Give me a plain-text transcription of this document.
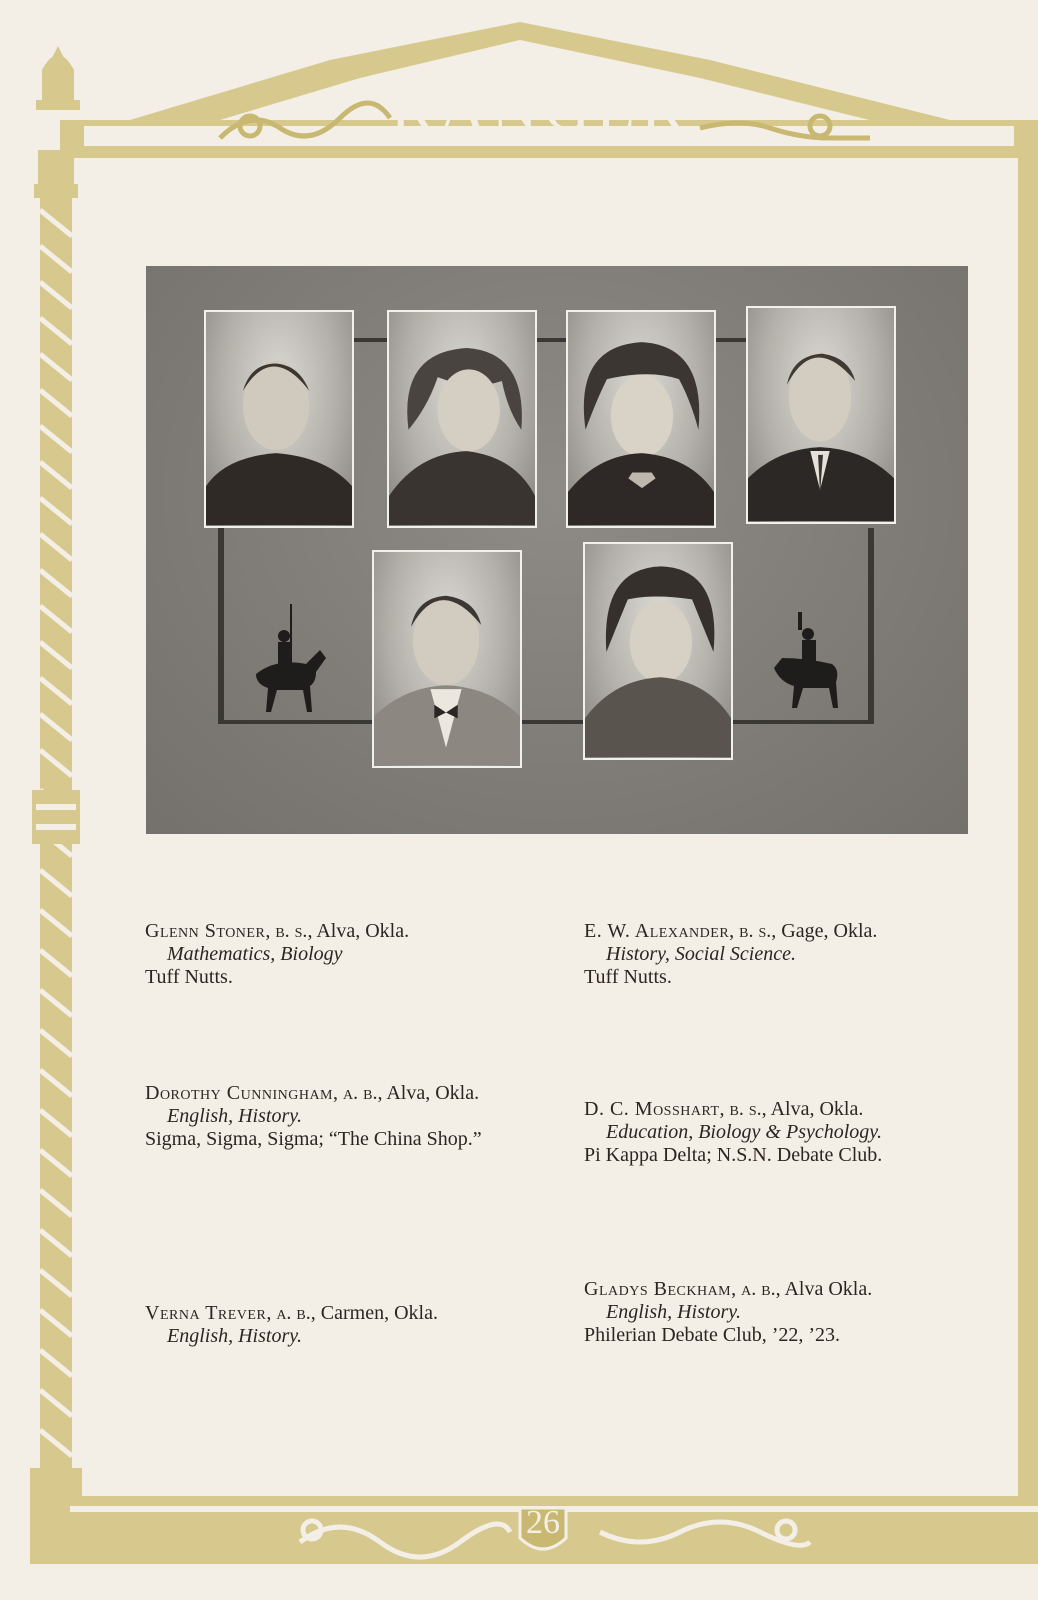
The
RANGER
Glenn Stoner, b. s., Alva, Okla.
Mathematics, Biology
Tuff Nutts.
E. W. Alexander, b. s., Gage, Okla.
History, Social Science.
Tuff Nutts.
Dorothy Cunningham, a. b., Alva, Okla.
English, History.
Sigma, Sigma, Sigma; “The China Shop.”
D. C. Mosshart, b. s., Alva, Okla.
Education, Biology & Psychology.
Pi Kappa Delta; N.S.N. Debate Club.
Verna Trever, a. b., Carmen, Okla.
English, History.
Gladys Beckham, a. b., Alva Okla.
English, History.
Philerian Debate Club, ’22, ’23.
26
